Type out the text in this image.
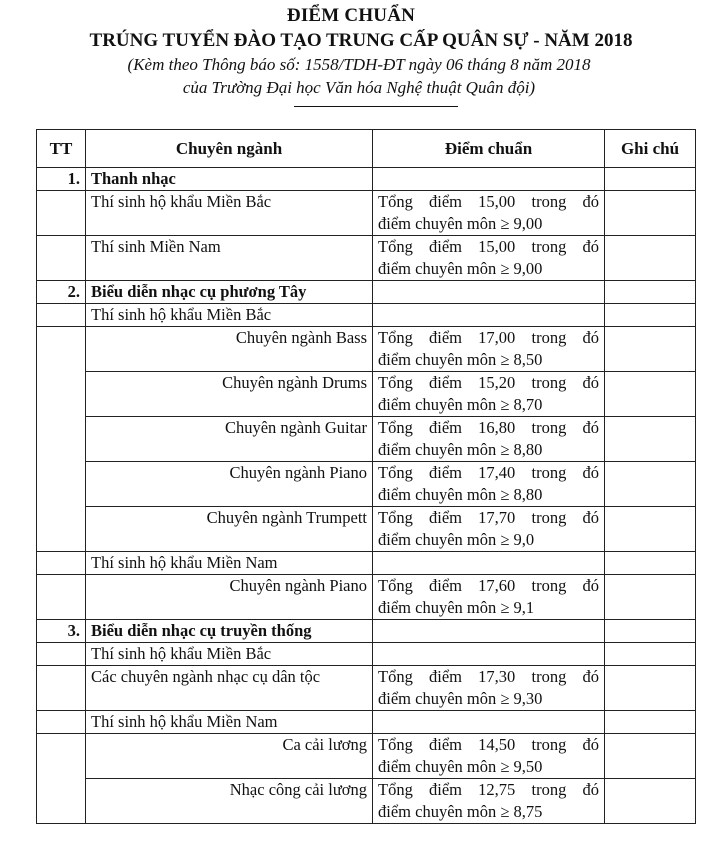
ĐIỂM CHUẨN
TRÚNG TUYỂN ĐÀO TẠO TRUNG CẤP QUÂN SỰ - NĂM 2018
(Kèm theo Thông báo số: 1558/TDH-ĐT ngày 06 tháng 8 năm 2018
của Trường Đại học Văn hóa Nghệ thuật Quân đội)
TT	Chuyên ngành	Điểm chuẩn	Ghi chú
1.	Thanh nhạc		
	Thí sinh hộ khẩu Miền Bắc	Tổng điểm 15,00 trong đó
điểm chuyên môn ≥ 9,00	

	Thí sinh Miền Nam	Tổng điểm 15,00 trong đó
điểm chuyên môn ≥ 9,00	

2.	Biểu diễn nhạc cụ phương Tây		
	Thí sinh hộ khẩu Miền Bắc		
	Chuyên ngành Bass	Tổng điểm 17,00 trong đó
điểm chuyên môn ≥ 8,50	

	Chuyên ngành Drums	Tổng điểm 15,20 trong đó
điểm chuyên môn ≥ 8,70	

	Chuyên ngành Guitar	Tổng điểm 16,80 trong đó
điểm chuyên môn ≥ 8,80	

	Chuyên ngành Piano	Tổng điểm 17,40 trong đó
điểm chuyên môn ≥ 8,80	

	Chuyên ngành Trumpett	Tổng điểm 17,70 trong đó
điểm chuyên môn ≥ 9,0	

	Thí sinh hộ khẩu Miền Nam		
	Chuyên ngành Piano	Tổng điểm 17,60 trong đó
điểm chuyên môn ≥ 9,1	

3.	Biểu diễn nhạc cụ truyền thống		
	Thí sinh hộ khẩu Miền Bắc		
	Các chuyên ngành nhạc cụ dân tộc	Tổng điểm 17,30 trong đó
điểm chuyên môn ≥ 9,30	

	Thí sinh hộ khẩu Miền Nam		
	Ca cải lương	Tổng điểm 14,50 trong đó
điểm chuyên môn ≥ 9,50	

	Nhạc công cải lương	Tổng điểm 12,75 trong đó
điểm chuyên môn ≥ 8,75	
